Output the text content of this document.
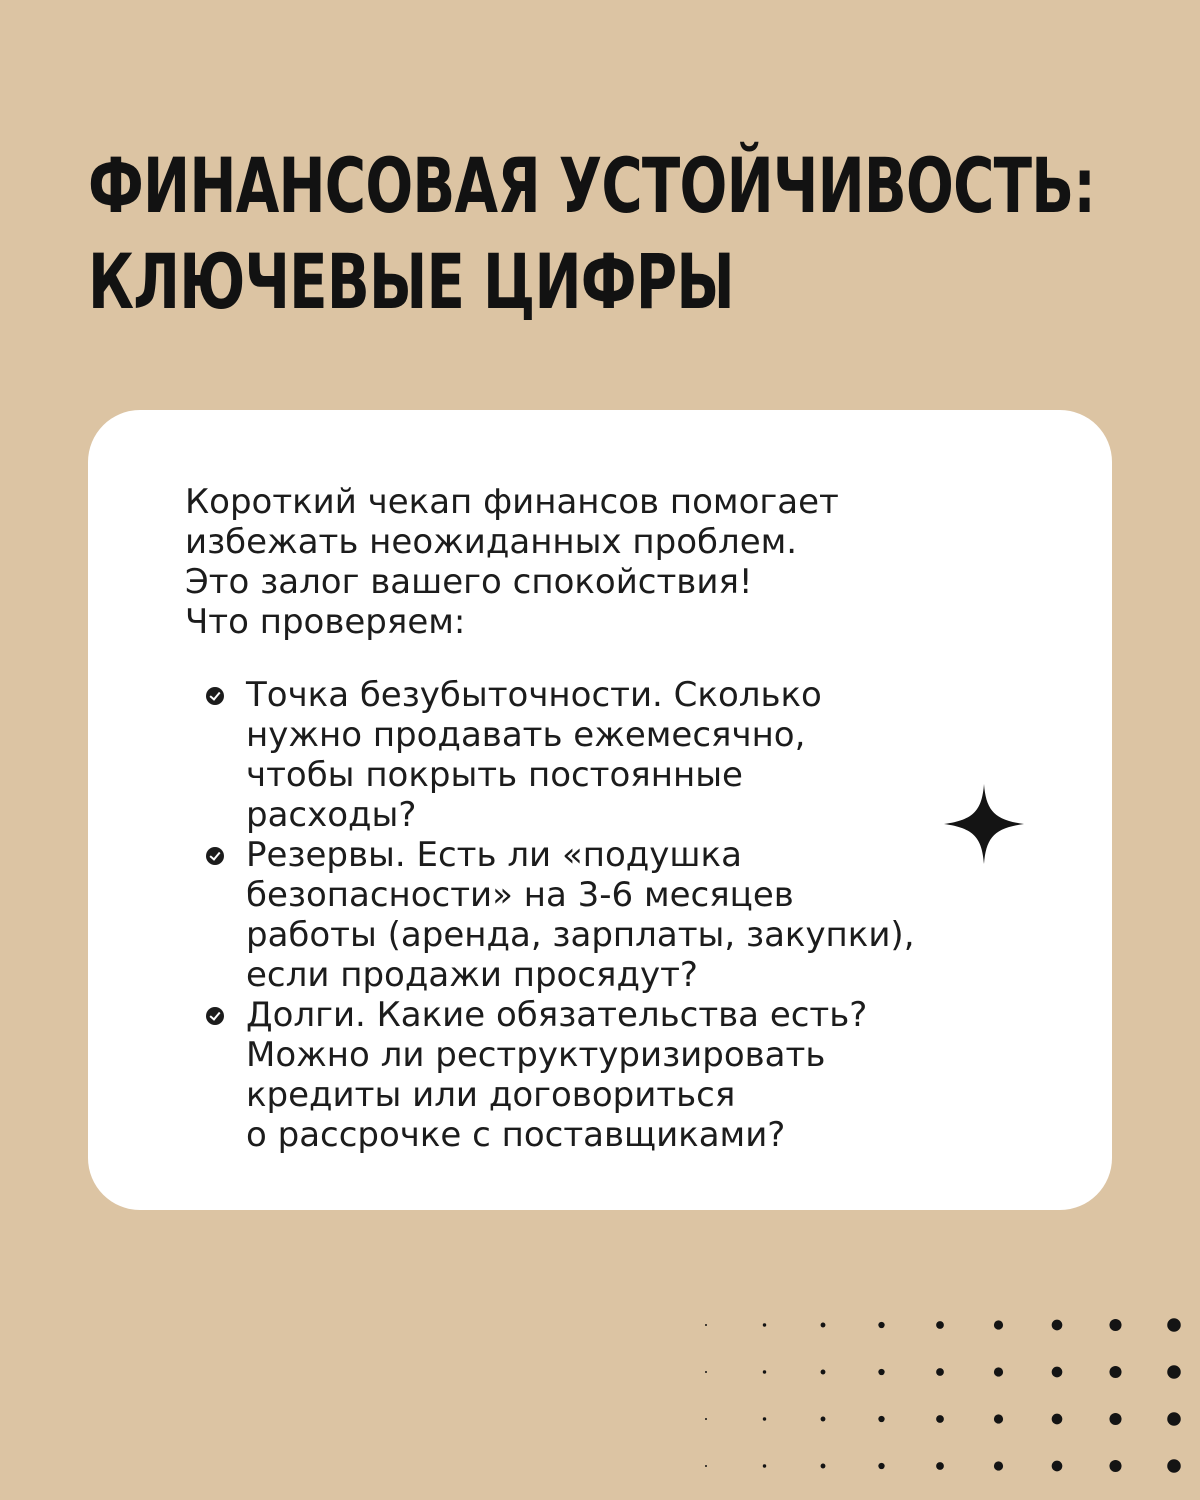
ФИНАНСОВАЯ УСТОЙЧИВОСТЬ:
КЛЮЧЕВЫЕ ЦИФРЫ

Короткий чекап финансов помогает
избежать неожиданных проблем.
Это залог вашего спокойствия!
Что проверяем:

Точка безубыточности. Сколько
нужно продавать ежемесячно,
чтобы покрыть постоянные
расходы?
Резервы. Есть ли «подушка
безопасности» на 3-6 месяцев
работы (аренда, зарплаты, закупки),
если продажи просядут?
Долги. Какие обязательства есть?
Можно ли реструктуризировать
кредиты или договориться
о рассрочке с поставщиками?
